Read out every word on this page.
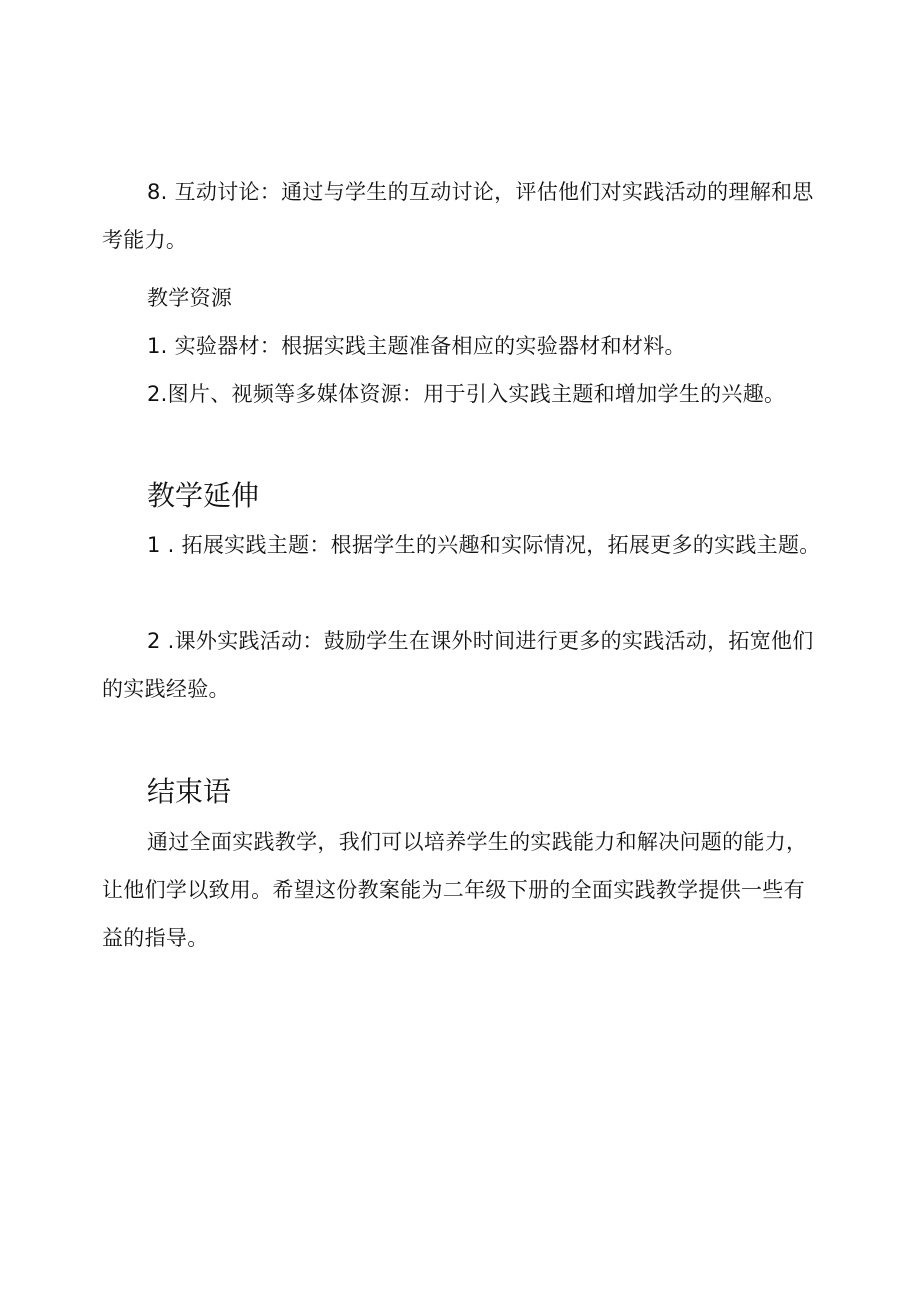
8. 互动讨论：通过与学生的互动讨论，评估他们对实践活动的理解和思考能力。

教学资源

1. 实验器材：根据实践主题准备相应的实验器材和材料。

2.图片、视频等多媒体资源：用于引入实践主题和增加学生的兴趣。

教学延伸

1 . 拓展实践主题：根据学生的兴趣和实际情况，拓展更多的实践主题。

2 .课外实践活动：鼓励学生在课外时间进行更多的实践活动，拓宽他们的实践经验。

结束语

通过全面实践教学，我们可以培养学生的实践能力和解决问题的能力，让他们学以致用。希望这份教案能为二年级下册的全面实践教学提供一些有益的指导。
